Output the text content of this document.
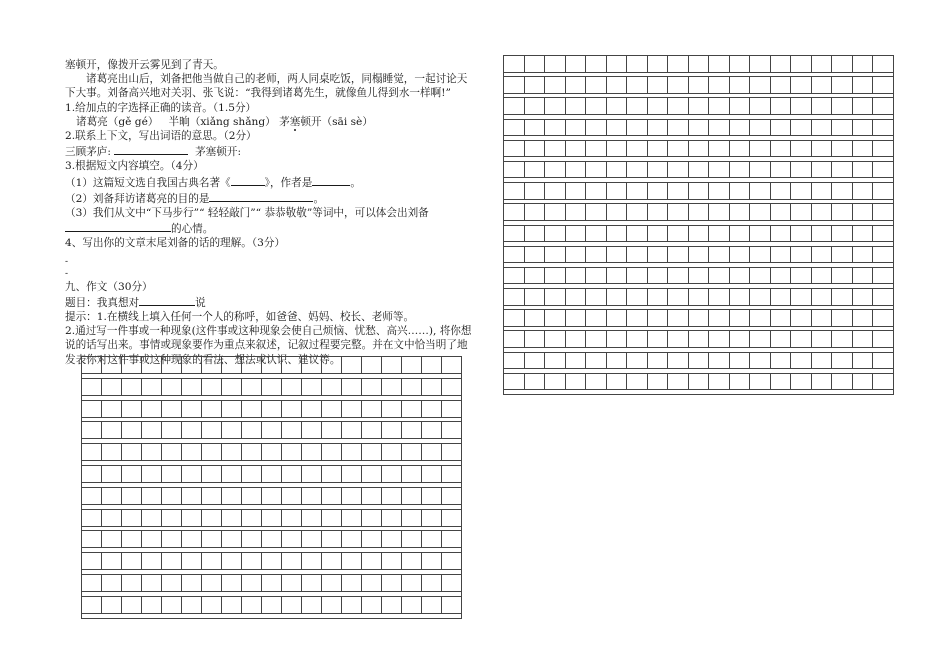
塞顿开，像拨开云雾见到了青天。
诸葛亮出山后，刘备把他当做自己的老师，两人同桌吃饭，同榻睡觉，一起讨论天
下大事。刘备高兴地对关羽、张飞说：“我得到诸葛先生，就像鱼儿得到水一样啊!”
1.给加点的字选择正确的读音。（1.5分）
诸葛亮（gě gé） 半晌（xiǎng shǎng） 茅塞顿开（sāi sè）
2.联系上下文，写出词语的意思。（2分）
三顾茅庐:	茅塞顿开:
3.根据短文内容填空。（4分）
（1）这篇短文选自我国古典名著《	》，作者是	。
（2）刘备拜访诸葛亮的目的是	。
（3）我们从文中“下马步行”“ 轻轻敲门”“ 恭恭敬敬”等词中，可以体会出刘备
的心情。
4、写出你的文章末尾刘备的话的理解。（3分）
-
-
九、作文（30分）
题目：我真想对	说
提示：1.在横线上填入任何一个人的称呼，如爸爸、妈妈、校长、老师等。
2.通过写一件事或一种现象(这件事或这种现象会使自己烦恼、忧愁、高兴……), 将你想说的话写出来。事情或现象要作为重点来叙述，记叙过程要完整。并在文中恰当明了地发表你对这件事或这种现象的看法、想法或认识、建议等。
